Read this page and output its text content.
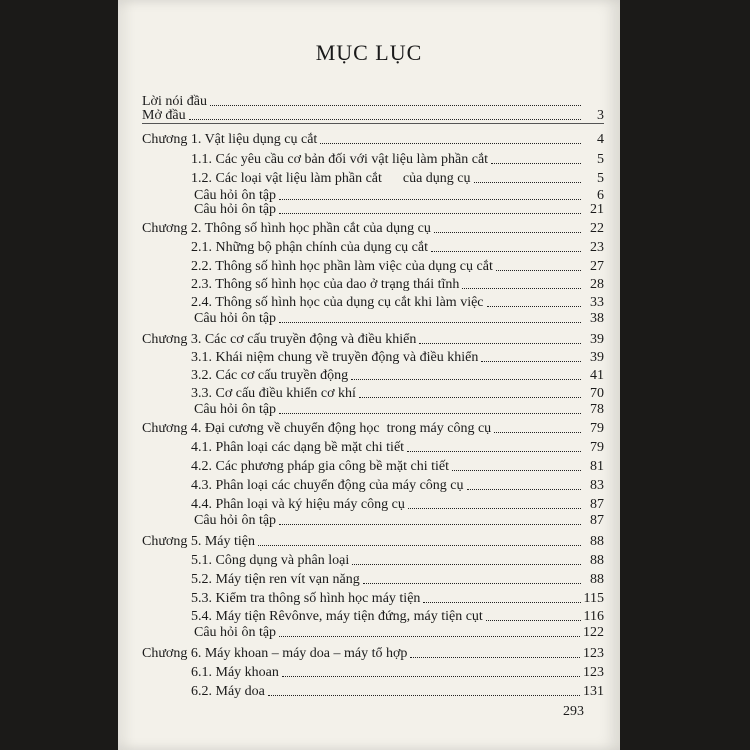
MỤC LỤC
Lời nói đầu
Mở đầu	3
Chương 1. Vật liệu dụng cụ cắt	4
1.1. Các yêu cầu cơ bản đối với vật liệu làm phần cắt	5
1.2. Các loại vật liệu làm phần cắt      của dụng cụ	5
Câu hỏi ôn tập	6
Câu hỏi ôn tập	21
Chương 2. Thông số hình học phần cắt của dụng cụ	22
2.1. Những bộ phận chính của dụng cụ cắt	23
2.2. Thông số hình học phần làm việc của dụng cụ cắt	27
2.3. Thông số hình học của dao ở trạng thái tĩnh	28
2.4. Thông số hình học của dụng cụ cắt khi làm việc	33
Câu hỏi ôn tập	38
Chương 3. Các cơ cấu truyền động và điều khiển	39
3.1. Khái niệm chung về truyền động và điều khiển	39
3.2. Các cơ cấu truyền động	41
3.3. Cơ cấu điều khiển cơ khí	70
Câu hỏi ôn tập	78
Chương 4. Đại cương về chuyển động học  trong máy công cụ	79
4.1. Phân loại các dạng bề mặt chi tiết	79
4.2. Các phương pháp gia công bề mặt chi tiết	81
4.3. Phân loại các chuyển động của máy công cụ	83
4.4. Phân loại và ký hiệu máy công cụ	87
Câu hỏi ôn tập	87
Chương 5. Máy tiện	88
5.1. Công dụng và phân loại	88
5.2. Máy tiện ren vít vạn năng	88
5.3. Kiểm tra thông số hình học máy tiện	115
5.4. Máy tiện Rêvônve, máy tiện đứng, máy tiện cụt	116
Câu hỏi ôn tập	122
Chương 6. Máy khoan – máy doa – máy tổ hợp	123
6.1. Máy khoan	123
6.2. Máy doa	131
293
